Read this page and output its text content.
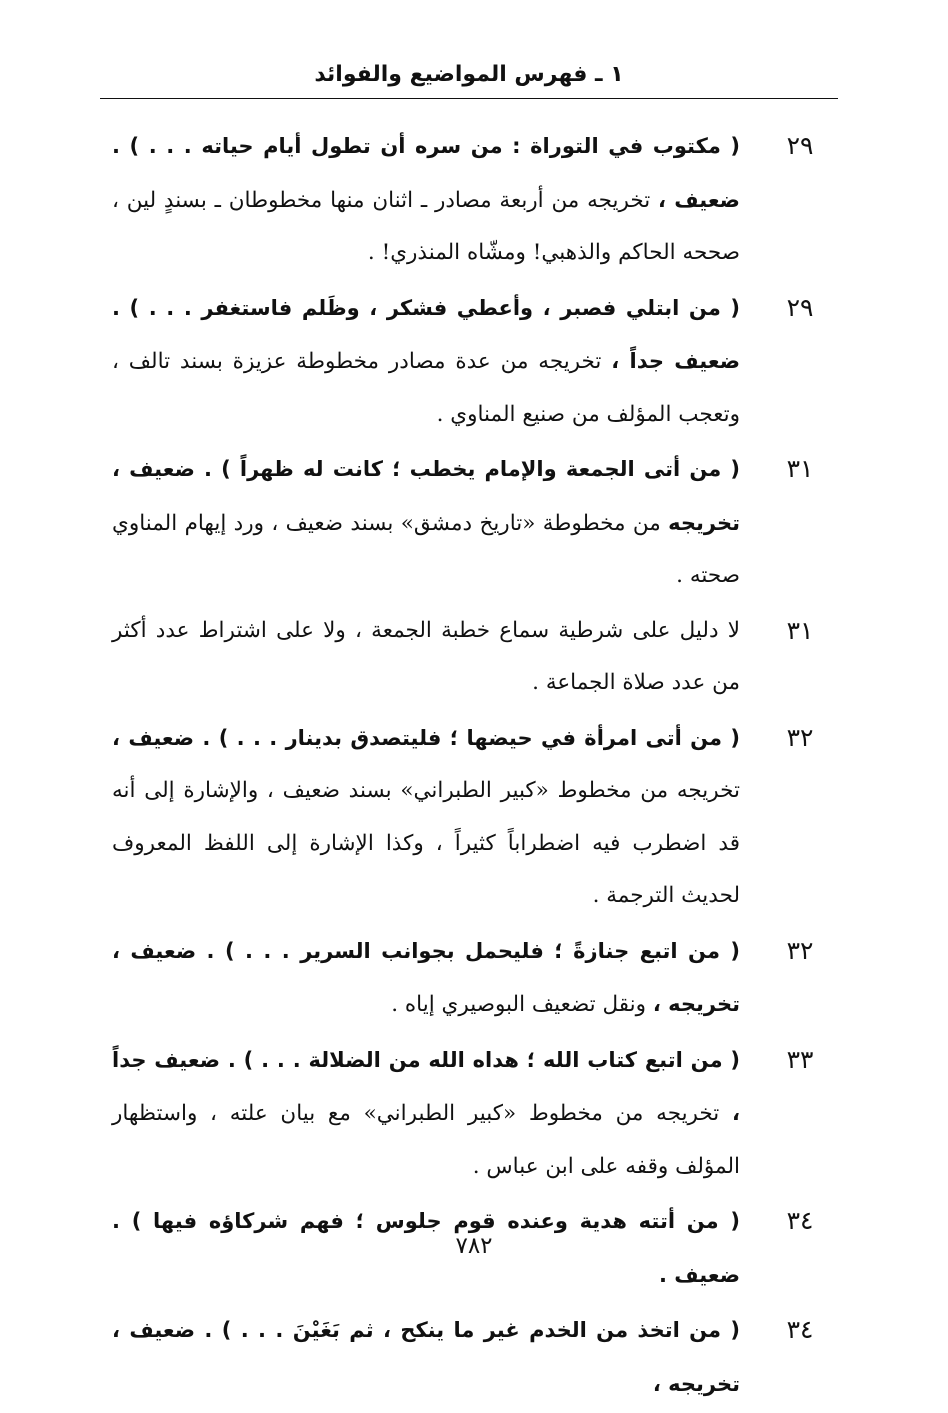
١ ـ فهرس المواضيع والفوائد
٢٩
( مكتوب في التوراة : من سره أن تطول أيام حياته . . . ) . ضعيف ، تخريجه من أربعة مصادر ـ اثنان منها مخطوطان ـ بسندٍ لين ، صححه الحاكم والذهبي! ومشّاه المنذري! .
٢٩
( من ابتلي فصبر ، وأعطي فشكر ، وظَلم فاستغفر . . . ) . ضعيف جداً ، تخريجه من عدة مصادر مخطوطة عزيزة بسند تالف ، وتعجب المؤلف من صنيع المناوي .
٣١
( من أتى الجمعة والإمام يخطب ؛ كانت له ظهراً ) . ضعيف ، تخريجه من مخطوطة «تاريخ دمشق» بسند ضعيف ، ورد إيهام المناوي صحته .
٣١
لا دليل على شرطية سماع خطبة الجمعة ، ولا على اشتراط عدد أكثر من عدد صلاة الجماعة .
٣٢
( من أتى امرأة في حيضها ؛ فليتصدق بدينار . . . ) . ضعيف ، تخريجه من مخطوط «كبير الطبراني» بسند ضعيف ، والإشارة إلى أنه قد اضطرب فيه اضطراباً كثيراً ، وكذا الإشارة إلى اللفظ المعروف لحديث الترجمة .
٣٢
( من اتبع جنازةً ؛ فليحمل بجوانب السرير . . . ) . ضعيف ، تخريجه ، ونقل تضعيف البوصيري إياه .
٣٣
( من اتبع كتاب الله ؛ هداه الله من الضلالة . . . ) . ضعيف جداً ، تخريجه من مخطوط «كبير الطبراني» مع بيان علته ، واستظهار المؤلف وقفه على ابن عباس .
٣٤
( من أتته هدية وعنده قوم جلوس ؛ فهم شركاؤه فيها ) . ضعيف .
٣٤
( من اتخذ من الخدم غير ما ينكح ، ثم بَغَيْنَ . . . ) . ضعيف ، تخريجه ،
٧٨٢
